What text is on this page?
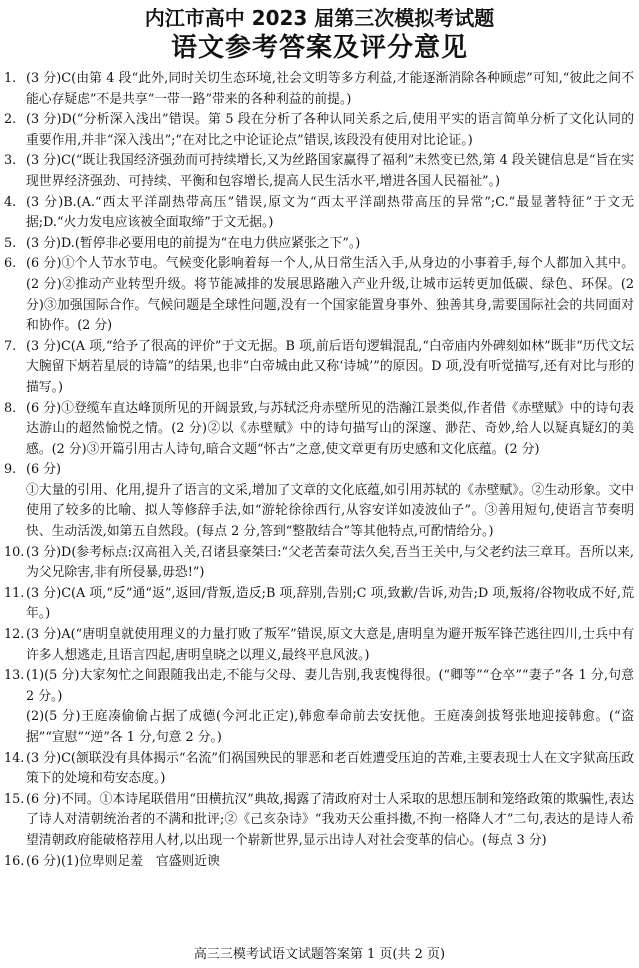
内江市高中 2023 届第三次模拟考试题
语文参考答案及评分意见
1. (3 分)C(由第 4 段“此外,同时关切生态环境,社会文明等多方利益,才能逐渐消除各种顾虑”可知,“彼此之间不能心存疑虑”不是共享“一带一路”带来的各种利益的前提。)
2. (3 分)D(“分析深入浅出”错误。第 5 段在分析了各种认同关系之后,使用平实的语言简单分析了文化认同的重要作用,并非“深入浅出”;“在对比之中论证论点”错误,该段没有使用对比论证。)
3. (3 分)C(“既让我国经济强劲而可持续增长,又为丝路国家赢得了福利”未然变已然,第 4 段关键信息是“旨在实现世界经济强劲、可持续、平衡和包容增长,提高人民生活水平,增进各国人民福祉”。)
4. (3 分)B.(A.“西太平洋副热带高压”错误,原文为“西太平洋副热带高压的异常”;C.“最显著特征”于文无据;D.“火力发电应该被全面取缔”于文无据。)
5. (3 分)D.(暂停非必要用电的前提为“在电力供应紧张之下”。)
6. (6 分)①个人节水节电。气候变化影响着每一个人,从日常生活入手,从身边的小事着手,每个人都加入其中。(2 分)②推动产业转型升级。将节能减排的发展思路融入产业升级,让城市运转更加低碳、绿色、环保。(2 分)③加强国际合作。气候问题是全球性问题,没有一个国家能置身事外、独善其身,需要国际社会的共同面对和协作。(2 分)
7. (3 分)C(A 项,“给予了很高的评价”于文无据。B 项,前后语句逻辑混乱,“白帝庙内外碑刻如林”既非“历代文坛大腕留下炳若星辰的诗篇”的结果,也非“白帝城由此又称‘诗城’”的原因。D 项,没有听觉描写,还有对比与形的描写。)
8. (6 分)①登缆车直达峰顶所见的开阔景致,与苏轼泛舟赤壁所见的浩瀚江景类似,作者借《赤壁赋》中的诗句表达游山的超然愉悦之情。(2 分)②以《赤壁赋》中的诗句描写山的深邃、渺茫、奇妙,给人以疑真疑幻的美感。(2 分)③开篇引用古人诗句,暗合文题“怀古”之意,使文章更有历史感和文化底蕴。(2 分)
9. (6 分)
①大量的引用、化用,提升了语言的文采,增加了文章的文化底蕴,如引用苏轼的《赤壁赋》。②生动形象。文中使用了较多的比喻、拟人等修辞手法,如“游轮徐徐西行,从容安详如凌波仙子”。③善用短句,使语言节奏明快、生动活泼,如第五自然段。(每点 2 分,答到“整散结合”等其他特点,可酌情给分。)
10. (3 分)D(参考标点:汉高祖入关,召诸县豪桀曰:“父老苦秦苛法久矣,吾当王关中,与父老约法三章耳。吾所以来,为父兄除害,非有所侵暴,毋恐!”)
11. (3 分)C(A 项,“反”通“返”,返回/背叛,造反;B 项,辞别,告别;C 项,致歉/告诉,劝告;D 项,叛将/谷物收成不好,荒年。)
12. (3 分)A(“唐明皇就使用理义的力量打败了叛军”错误,原文大意是,唐明皇为避开叛军锋芒逃往四川,士兵中有许多人想逃走,且语言四起,唐明皇晓之以理义,最终平息风波。)
13. (1)(5 分)大家匆忙之间跟随我出走,不能与父母、妻儿告别,我衷愧得很。(“卿等”“仓卒”“妻子”各 1 分,句意 2 分。)
(2)(5 分)王庭凑偷偷占据了成德(今河北正定),韩愈奉命前去安抚他。王庭凑剑拔弩张地迎接韩愈。(“盗据”“宣慰”“逆”各 1 分,句意 2 分。)
14. (3 分)C(颔联没有具体揭示“名流”们祸国殃民的罪恶和老百姓遭受压迫的苦难,主要表现士人在文字狱高压政策下的处境和苟安态度。)
15. (6 分)不同。①本诗尾联借用“田横抗汉”典故,揭露了清政府对士人采取的思想压制和笼络政策的欺骗性,表达了诗人对清朝统治者的不满和批评;②《己亥杂诗》“我劝天公重抖擞,不拘一格降人才”二句,表达的是诗人希望清朝政府能破格荐用人材,以出现一个崭新世界,显示出诗人对社会变革的信心。(每点 3 分)
16. (6 分)(1)位卑则足羞　官盛则近谀
高三三模考试语文试题答案第 1 页(共 2 页)
